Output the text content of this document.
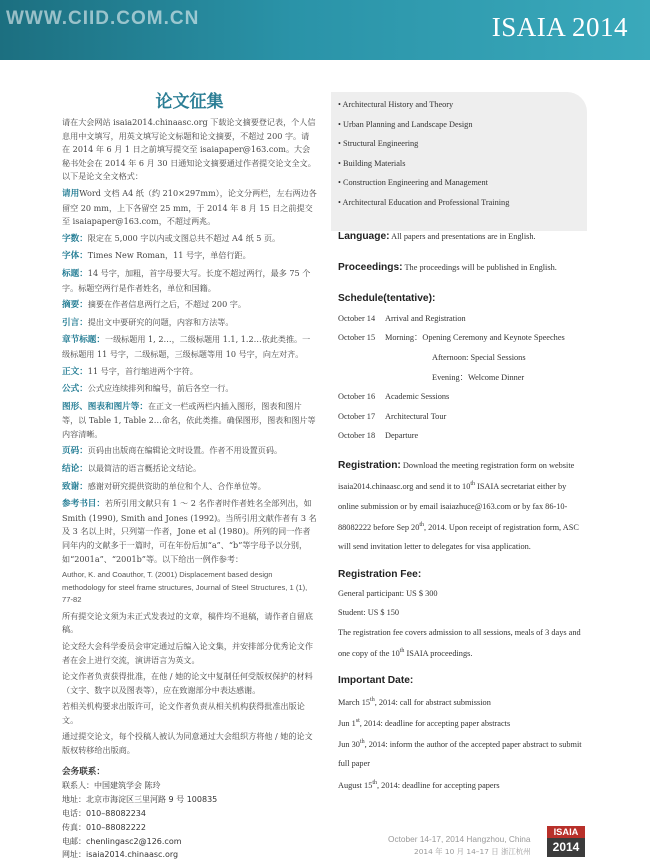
WWW.CIID.COM.CN	ISAIA 2014
论文征集

请在大会网站 isaia2014.chinaasc.org 下载论文摘要登记表，个人信息用中文填写，用英文填写论文标题和论文摘要，不超过 200 字。请在 2014 年 6 月 1 日之前填写提交至 isaiapaper@163.com。大会秘书处会在 2014 年 6 月 30 日通知论文摘要通过作者提交论文全文。以下是论文全文格式：

请用Word 文档 A4 纸（约 210×297mm），论文分两栏，左右两边各留空 20 mm，上下各留空 25 mm，于 2014 年 8 月 15 日之前提交至 isaiapaper@163.com，不超过两兆。

字数：限定在 5,000 字以内或文图总共不超过 A4 纸 5 页。

字体：Times New Roman，11 号字，单倍行距。

标题：14 号字，加粗，首字母要大写。长度不超过两行，最多 75 个字。标题空两行是作者姓名，单位和国籍。

摘要：摘要在作者信息两行之后，不超过 200 字。

引言：提出文中要研究的问题，内容和方法等。

章节标题：一级标题用 1, 2…，二级标题用 1.1, 1.2…依此类推。一级标题用 11 号字，二级标题，三级标题等用 10 号字，向左对齐。

正文：11 号字，首行缩进两个字符。

公式：公式应连续排列和编号，前后各空一行。

图形、图表和图片等：在正文一栏或两栏内插入图形，图表和图片等，以 Table 1, Table 2…命名，依此类推。确保图形，图表和图片等内容清晰。

页码：页码由出版商在编辑论文时设置。作者不用设置页码。

结论：以最简洁的语言概括论文结论。

致谢：感谢对研究提供资助的单位和个人、合作单位等。

参考书目：若所引用文献只有 1 ～ 2 名作者时作者姓名全部列出，如 Smith (1990), Smith and Jones (1992)。当所引用文献作者有 3 名及 3 名以上时，只列第一作者，Jone et al (1980)。所列的同一作者同年内的文献多于一篇时，可在年份后加“a”、“b”等字母予以分别，如“2001a”、“2001b”等。以下给出一例作参考：

Author, K. and Coauthor, T. (2001) Displacement based design methodology for steel frame structures, Journal of Steel Structures, 1 (1), 77-82

所有提交论文须为未正式发表过的文章，稿件均不退稿，请作者自留底稿。

论文经大会科学委员会审定通过后编入论文集，并安排部分优秀论文作者在会上进行交流，演讲语言为英文。

论文作者负责获得批准，在他 / 她的论文中复制任何受版权保护的材料（文字、数字以及图表等），应在致谢部分中表达感谢。

若相关机构要求出版许可，论文作者负责从相关机构获得批准出版论文。

通过提交论文，每个投稿人被认为同意通过大会组织方将他 / 她的论文版权转移给出版商。

会务联系：
联系人：中国建筑学会 陈玲
地址：北京市海淀区三里河路 9 号 100835
电话：010–88082234
传真：010–88082222
电邮：chenlingasc2@126.com
网址：isaia2014.chinaasc.org
• Architectural History and Theory
• Urban Planning and Landscape Design
• Structural Engineering
• Building Materials
• Construction Engineering and Management
• Architectural Education and Professional Training
Language: All papers and presentations are in English.
Proceedings: The proceedings will be published in English.
Schedule(tentative):
October 14	Arrival and Registration
October 15	Morning：Opening Ceremony and Keynote Speeches
Afternoon: Special Sessions
Evening：Welcome Dinner
October 16	Academic Sessions
October 17	Architectural Tour
October 18	Departure
Registration: Download the meeting registration form on website isaia2014.chinaasc.org and send it to 10th ISAIA secretariat either by online submission or by email isaiazhuce@163.com or by fax 86-10-88082222 before Sep 20th, 2014. Upon receipt of registration form, ASC will send invitation letter to delegates for visa application.
Registration Fee:
General participant: US $ 300
Student: US $ 150
The registration fee covers admission to all sessions, meals of 3 days and one copy of the 10th ISAIA proceedings.
Important Date:
March 15th, 2014: call for abstract submission
Jun 1st, 2014: deadline for accepting paper abstracts
Jun 30th, 2014: inform the author of the accepted paper abstract to submit full paper
August 15th, 2014: deadline for accepting papers
October 14-17, 2014 Hangzhou, China
2014 年 10 月 14–17 日 浙江杭州
ISAIA
2014
